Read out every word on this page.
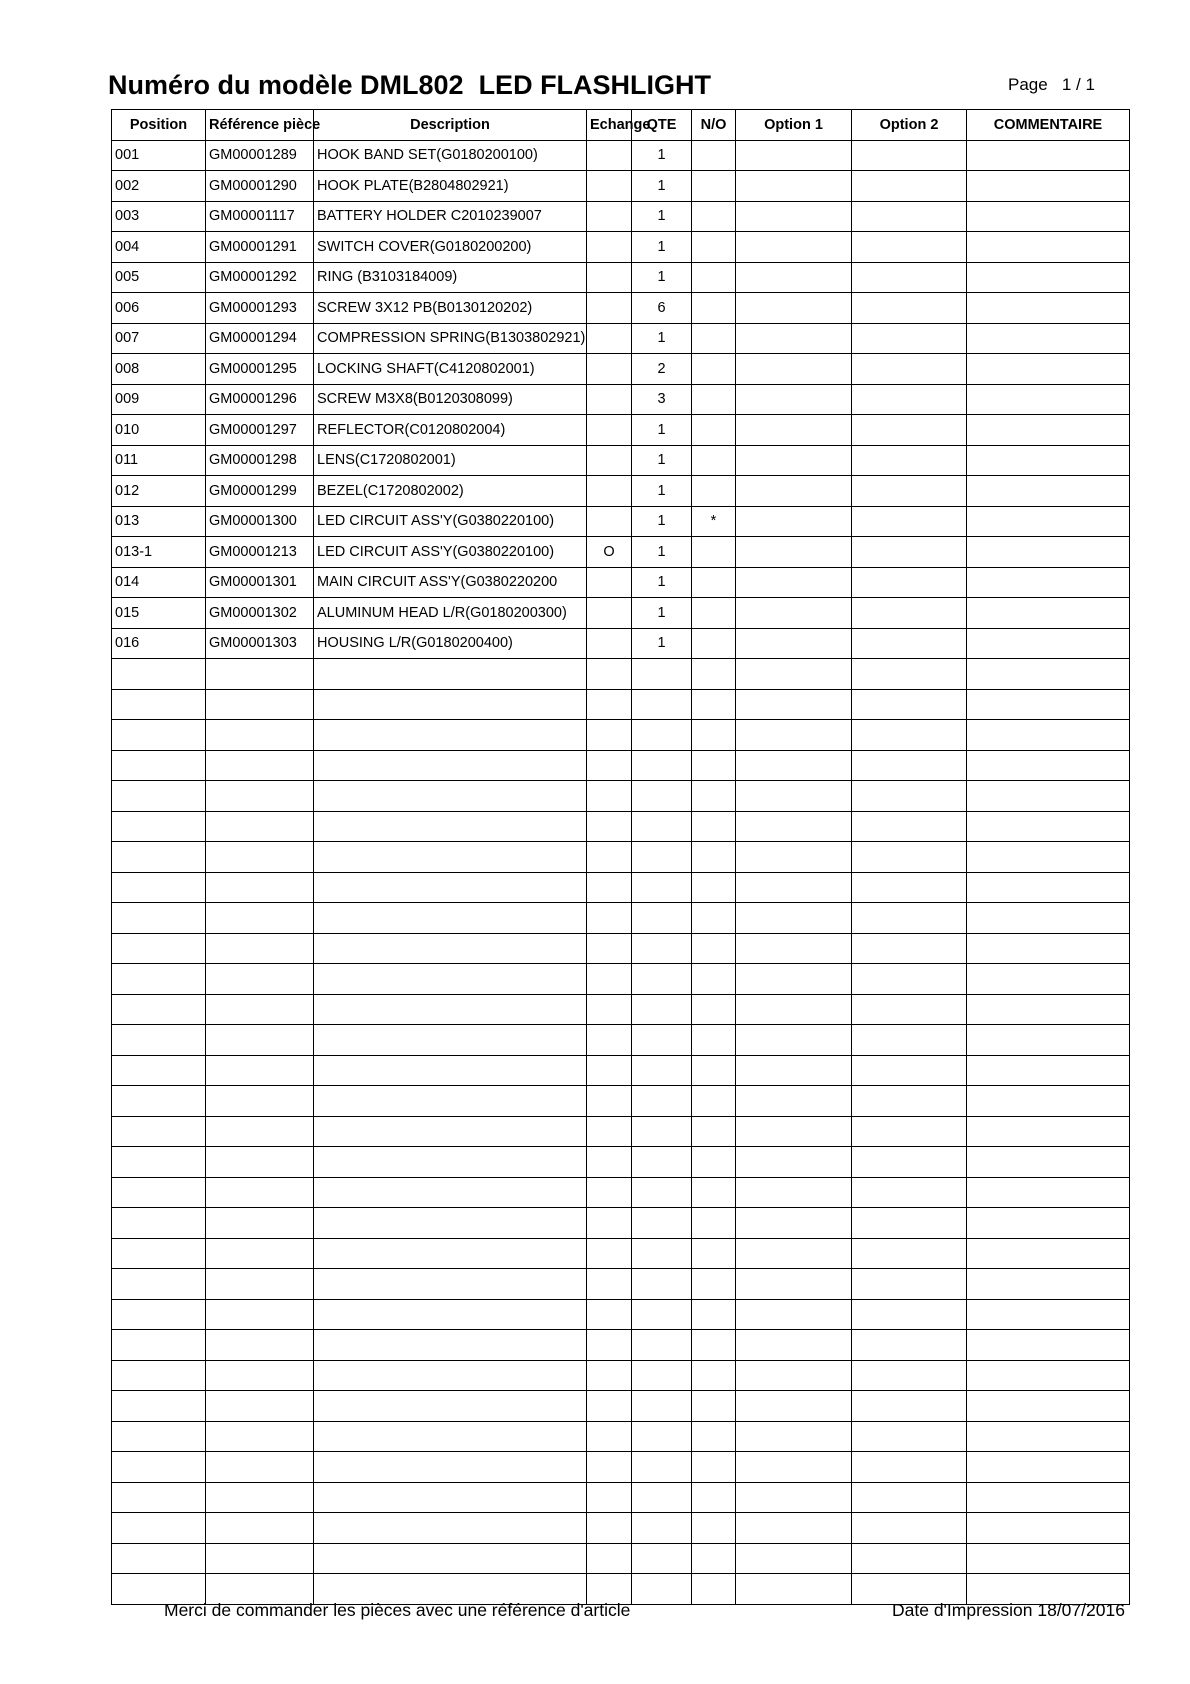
Numéro du modèle DML802  LED FLASHLIGHT	Page   1 / 1
Position	Référence pièce	Description	Echange	QTE	N/O	Option 1	Option 2	COMMENTAIRE
001	GM00001289	HOOK BAND SET(G0180200100)		1				
002	GM00001290	HOOK PLATE(B2804802921)		1				
003	GM00001117	BATTERY HOLDER C2010239007		1				
004	GM00001291	SWITCH COVER(G0180200200)		1				
005	GM00001292	RING (B3103184009)		1				
006	GM00001293	SCREW 3X12 PB(B0130120202)		6				
007	GM00001294	COMPRESSION SPRING(B1303802921)		1				
008	GM00001295	LOCKING SHAFT(C4120802001)		2				
009	GM00001296	SCREW M3X8(B0120308099)		3				
010	GM00001297	REFLECTOR(C0120802004)		1				
011	GM00001298	LENS(C1720802001)		1				
012	GM00001299	BEZEL(C1720802002)		1				
013	GM00001300	LED CIRCUIT ASS'Y(G0380220100)		1	*			
013-1	GM00001213	LED CIRCUIT ASS'Y(G0380220100)	O	1				
014	GM00001301	MAIN CIRCUIT ASS'Y(G0380220200		1				
015	GM00001302	ALUMINUM HEAD L/R(G0180200300)		1				
016	GM00001303	HOUSING L/R(G0180200400)		1				

Merci de commander les pièces avec une référence d'article	Date d'Impression 18/07/2016
